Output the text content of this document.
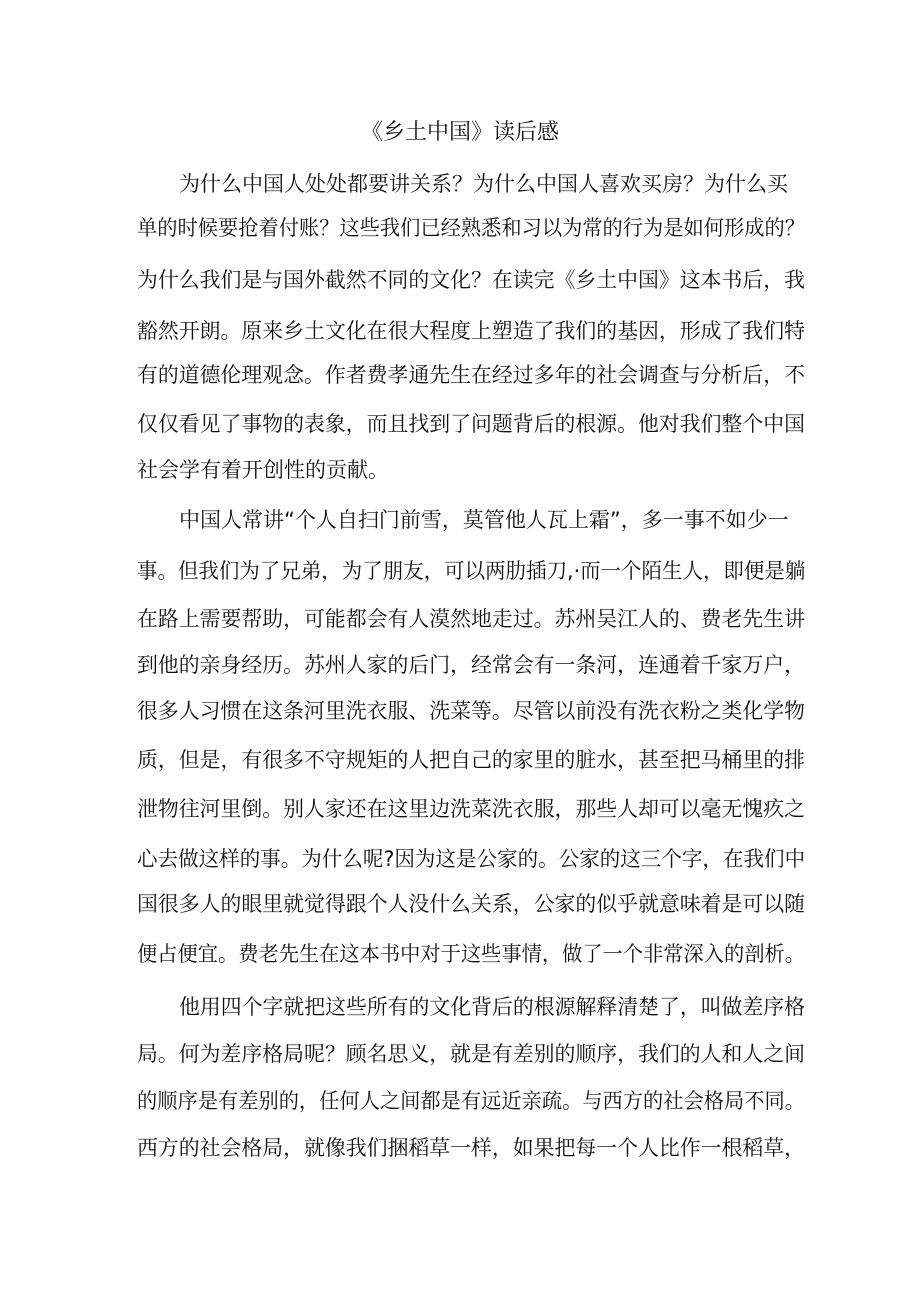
《乡土中国》读后感
为什么中国人处处都要讲关系？为什么中国人喜欢买房？为什么买
单的时候要抢着付账？这些我们已经熟悉和习以为常的行为是如何形成的？
为什么我们是与国外截然不同的文化？在读完《乡土中国》这本书后，我
豁然开朗。原来乡土文化在很大程度上塑造了我们的基因，形成了我们特
有的道德伦理观念。作者费孝通先生在经过多年的社会调查与分析后，不
仅仅看见了事物的表象，而且找到了问题背后的根源。他对我们整个中国
社会学有着开创性的贡献。
中国人常讲“个人自扫门前雪，莫管他人瓦上霜”，多一事不如少一
事。但我们为了兄弟，为了朋友，可以两肋插刀,·而一个陌生人，即便是躺
在路上需要帮助，可能都会有人漠然地走过。苏州吴江人的、费老先生讲
到他的亲身经历。苏州人家的后门，经常会有一条河，连通着千家万户，
很多人习惯在这条河里洗衣服、洗菜等。尽管以前没有洗衣粉之类化学物
质，但是，有很多不守规矩的人把自己的家里的脏水，甚至把马桶里的排
泄物往河里倒。别人家还在这里边洗菜洗衣服，那些人却可以毫无愧疚之
心去做这样的事。为什么呢?因为这是公家的。公家的这三个字，在我们中
国很多人的眼里就觉得跟个人没什么关系，公家的似乎就意味着是可以随
便占便宜。费老先生在这本书中对于这些事情，做了一个非常深入的剖析。
他用四个字就把这些所有的文化背后的根源解释清楚了，叫做差序格
局。何为差序格局呢？顾名思义，就是有差别的顺序，我们的人和人之间
的顺序是有差别的，任何人之间都是有远近亲疏。与西方的社会格局不同。
西方的社会格局，就像我们捆稻草一样，如果把每一个人比作一根稻草，
